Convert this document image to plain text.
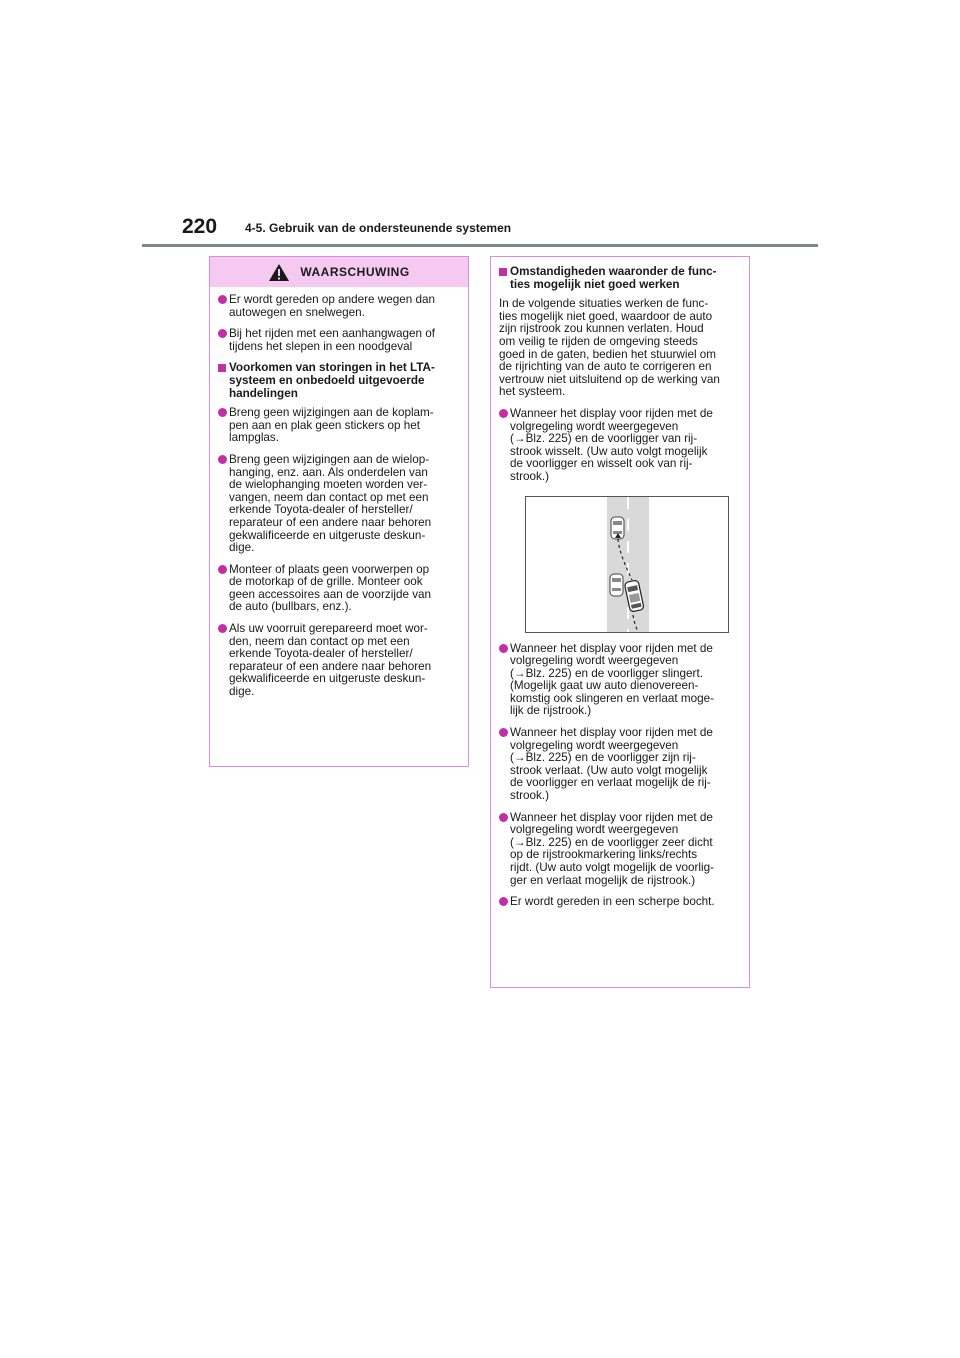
220 4-5. Gebruik van de ondersteunende systemen
WAARSCHUWING
Er wordt gereden op andere wegen dan
autowegen en snelwegen.
Bij het rijden met een aanhangwagen of
tijdens het slepen in een noodgeval
Voorkomen van storingen in het LTA-
systeem en onbedoeld uitgevoerde
handelingen
Breng geen wijzigingen aan de koplam-
pen aan en plak geen stickers op het
lampglas.
Breng geen wijzigingen aan de wielop-
hanging, enz. aan. Als onderdelen van
de wielophanging moeten worden ver-
vangen, neem dan contact op met een
erkende Toyota-dealer of hersteller/
reparateur of een andere naar behoren
gekwalificeerde en uitgeruste deskun-
dige.
Monteer of plaats geen voorwerpen op
de motorkap of de grille. Monteer ook
geen accessoires aan de voorzijde van
de auto (bullbars, enz.).
Als uw voorruit gerepareerd moet wor-
den, neem dan contact op met een
erkende Toyota-dealer of hersteller/
reparateur of een andere naar behoren
gekwalificeerde en uitgeruste deskun-
dige.
Omstandigheden waaronder de func-
ties mogelijk niet goed werken
In de volgende situaties werken de func-
ties mogelijk niet goed, waardoor de auto
zijn rijstrook zou kunnen verlaten. Houd
om veilig te rijden de omgeving steeds
goed in de gaten, bedien het stuurwiel om
de rijrichting van de auto te corrigeren en
vertrouw niet uitsluitend op de werking van
het systeem.
Wanneer het display voor rijden met de
volgregeling wordt weergegeven
(→Blz. 225) en de voorligger van rij-
strook wisselt. (Uw auto volgt mogelijk
de voorligger en wisselt ook van rij-
strook.)
Wanneer het display voor rijden met de
volgregeling wordt weergegeven
(→Blz. 225) en de voorligger slingert.
(Mogelijk gaat uw auto dienovereen-
komstig ook slingeren en verlaat moge-
lijk de rijstrook.)
Wanneer het display voor rijden met de
volgregeling wordt weergegeven
(→Blz. 225) en de voorligger zijn rij-
strook verlaat. (Uw auto volgt mogelijk
de voorligger en verlaat mogelijk de rij-
strook.)
Wanneer het display voor rijden met de
volgregeling wordt weergegeven
(→Blz. 225) en de voorligger zeer dicht
op de rijstrookmarkering links/rechts
rijdt. (Uw auto volgt mogelijk de voorlig-
ger en verlaat mogelijk de rijstrook.)
Er wordt gereden in een scherpe bocht.
